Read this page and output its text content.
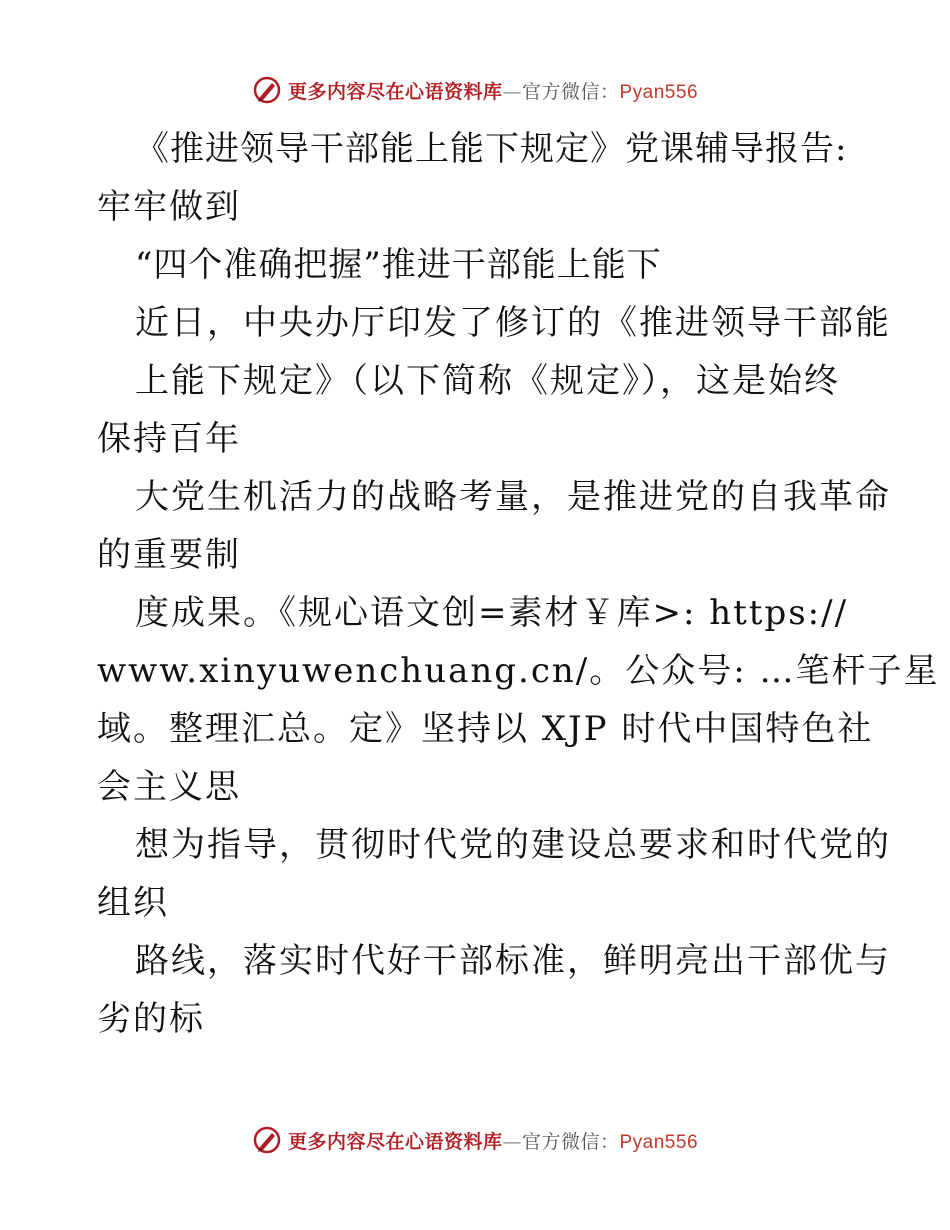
更多内容尽在心语资料库—官方微信：Pyan556
《推进领导干部能上能下规定》党课辅导报告:
牢牢做到
“四个准确把握”推进干部能上能下
近日，中央办厅印发了修订的《推进领导干部能
上能下规定》（以下简称《规定》），这是始终
保持百年
大党生机活力的战略考量，是推进党的自我革命
的重要制
度成果。《规心语文创=素材￥库>: https://
www.xinyuwenchuang.cn/。公众号: …笔杆子星
域。整理汇总。定》坚持以 XJP 时代中国特色社
会主义思
想为指导，贯彻时代党的建设总要求和时代党的
组织
路线，落实时代好干部标准，鲜明亮出干部优与
劣的标
更多内容尽在心语资料库—官方微信：Pyan556
